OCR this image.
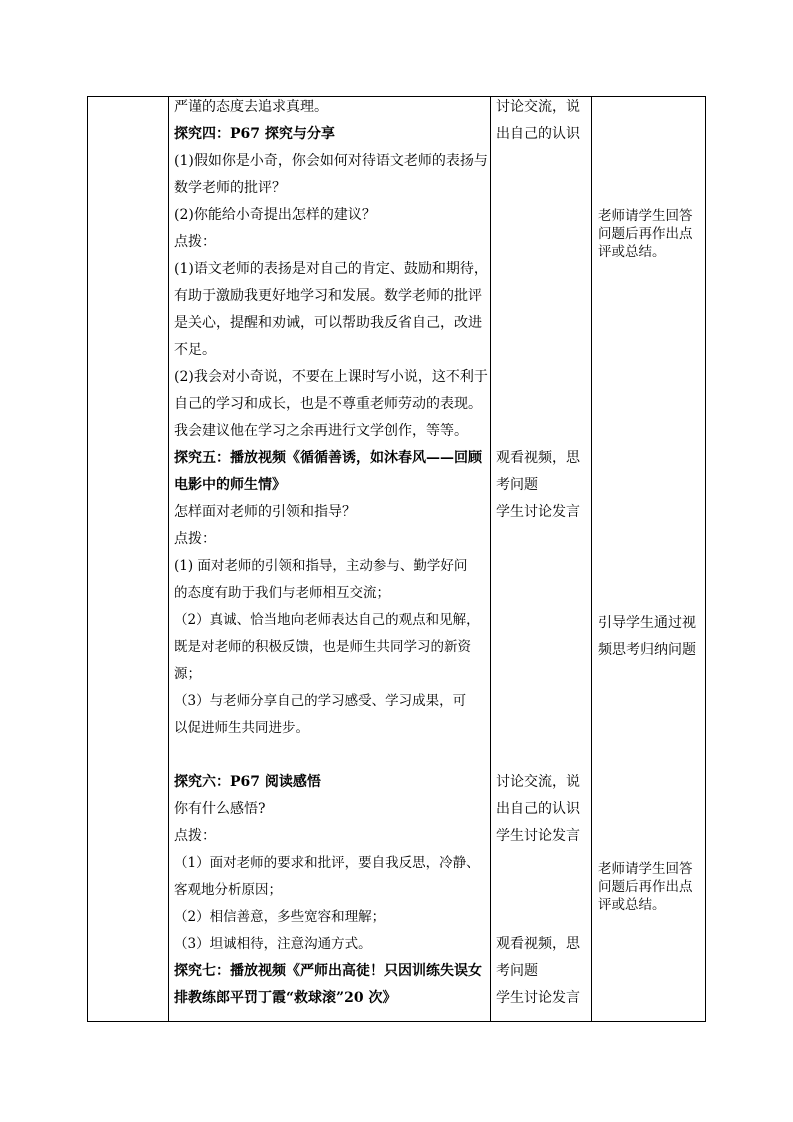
严谨的态度去追求真理。
探究四：P67 探究与分享
(1)假如你是小奇，你会如何对待语文老师的表扬与
数学老师的批评？
(2)你能给小奇提出怎样的建议？
点拨：
(1)语文老师的表扬是对自己的肯定、鼓励和期待，
有助于激励我更好地学习和发展。数学老师的批评
是关心，提醒和劝诫，可以帮助我反省自己，改进
不足。
(2)我会对小奇说，不要在上课时写小说，这不利于
自己的学习和成长，也是不尊重老师劳动的表现。
我会建议他在学习之余再进行文学创作，等等。
探究五：播放视频《循循善诱，如沐春风——回顾
电影中的师生情》
怎样面对老师的引领和指导？
点拨：
(1) 面对老师的引领和指导，主动参与、勤学好问
的态度有助于我们与老师相互交流；
（2）真诚、恰当地向老师表达自己的观点和见解，
既是对老师的积极反馈，也是师生共同学习的新资
源；
（3）与老师分享自己的学习感受、学习成果，可
以促进师生共同进步。
探究六：P67 阅读感悟
你有什么感悟?
点拨：
（1）面对老师的要求和批评，要自我反思，冷静、
客观地分析原因；
（2）相信善意，多些宽容和理解；
（3）坦诚相待，注意沟通方式。
探究七：播放视频《严师出高徒！只因训练失误女
排教练郎平罚丁霞“救球滚”20 次》
讨论交流，说
出自己的认识
观看视频，思
考问题
学生讨论发言
讨论交流，说
出自己的认识
学生讨论发言
观看视频，思
考问题
学生讨论发言
老师请学生回答
问题后再作出点
评或总结。
引导学生通过视
频思考归纳问题
老师请学生回答
问题后再作出点
评或总结。
